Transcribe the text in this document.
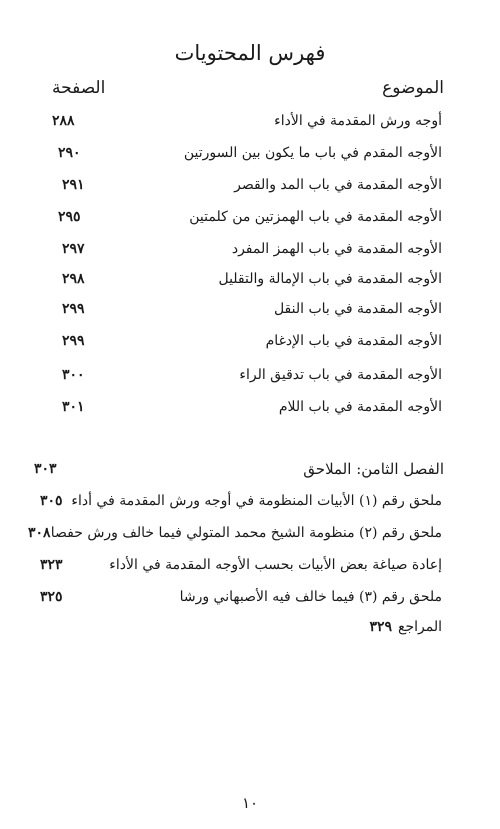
فهرس المحتويات
الموضوع
الصفحة
أوجه ورش المقدمة في الأداء
٢٨٨
الأوجه المقدم في باب ما يكون بين السورتين
٢٩٠
الأوجه المقدمة في باب المد والقصر
٢٩١
الأوجه المقدمة في باب الهمزتين من كلمتين
٢٩٥
الأوجه المقدمة في باب الهمز المفرد
٢٩٧
الأوجه المقدمة في باب الإمالة والتقليل
٢٩٨
الأوجه المقدمة في باب النقل
٢٩٩
الأوجه المقدمة في باب الإدغام
٢٩٩
الأوجه المقدمة في باب تدقيق الراء
٣٠٠
الأوجه المقدمة في باب اللام
٣٠١
الفصل الثامن: الملاحق
٣٠٣
ملحق رقم (١) الأبيات المنظومة في أوجه ورش المقدمة في أداء
٣٠٥
ملحق رقم (٢) منظومة الشيخ محمد المتولي فيما خالف ورش حفصا
٣٠٨
إعادة صياغة بعض الأبيات بحسب الأوجه المقدمة في الأداء
٣٢٣
ملحق رقم (٣) فيما خالف فيه الأصبهاني ورشا
٣٢٥
المراجع٣٢٩
١٠
